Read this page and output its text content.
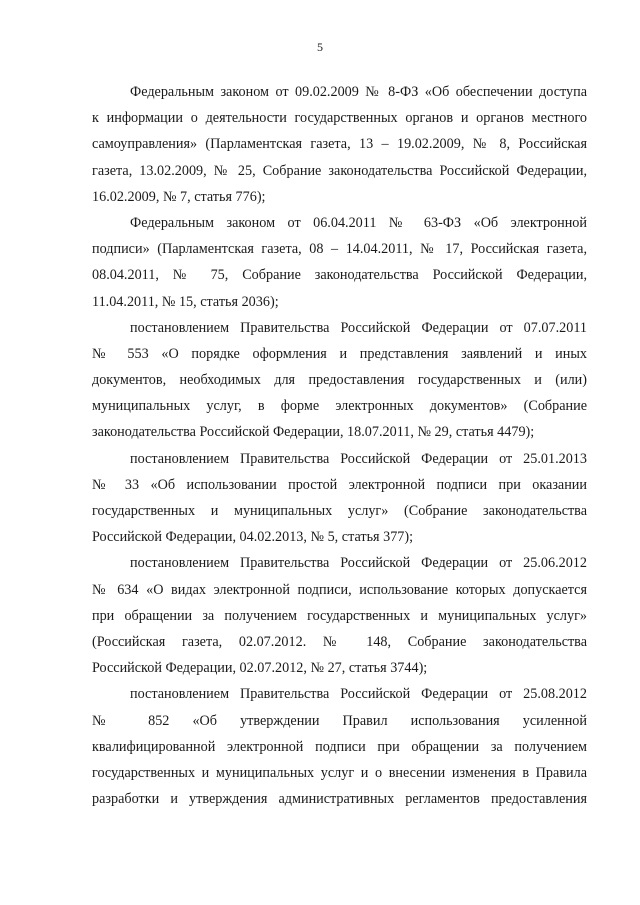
5
Федеральным законом от 09.02.2009 № 8-ФЗ «Об обеспечении доступа
к информации о деятельности государственных органов и органов местного
самоуправления» (Парламентская газета, 13 – 19.02.2009, № 8, Российская
газета, 13.02.2009, № 25, Собрание законодательства Российской Федерации,
16.02.2009, № 7, статья 776);
Федеральным законом от 06.04.2011 № 63-ФЗ «Об электронной
подписи» (Парламентская газета, 08 – 14.04.2011, № 17, Российская газета,
08.04.2011, № 75, Собрание законодательства Российской Федерации,
11.04.2011, № 15, статья 2036);
постановлением Правительства Российской Федерации от 07.07.2011
№ 553 «О порядке оформления и представления заявлений и иных
документов, необходимых для предоставления государственных и (или)
муниципальных услуг, в форме электронных документов» (Собрание
законодательства Российской Федерации, 18.07.2011, № 29, статья 4479);
постановлением Правительства Российской Федерации от 25.01.2013
№ 33 «Об использовании простой электронной подписи при оказании
государственных и муниципальных услуг» (Собрание законодательства
Российской Федерации, 04.02.2013, № 5, статья 377);
постановлением Правительства Российской Федерации от 25.06.2012
№ 634 «О видах электронной подписи, использование которых допускается
при обращении за получением государственных и муниципальных услуг»
(Российская газета, 02.07.2012. № 148, Собрание законодательства
Российской Федерации, 02.07.2012, № 27, статья 3744);
постановлением Правительства Российской Федерации от 25.08.2012
№ 852 «Об утверждении Правил использования усиленной
квалифицированной электронной подписи при обращении за получением
государственных и муниципальных услуг и о внесении изменения в Правила
разработки и утверждения административных регламентов предоставления
